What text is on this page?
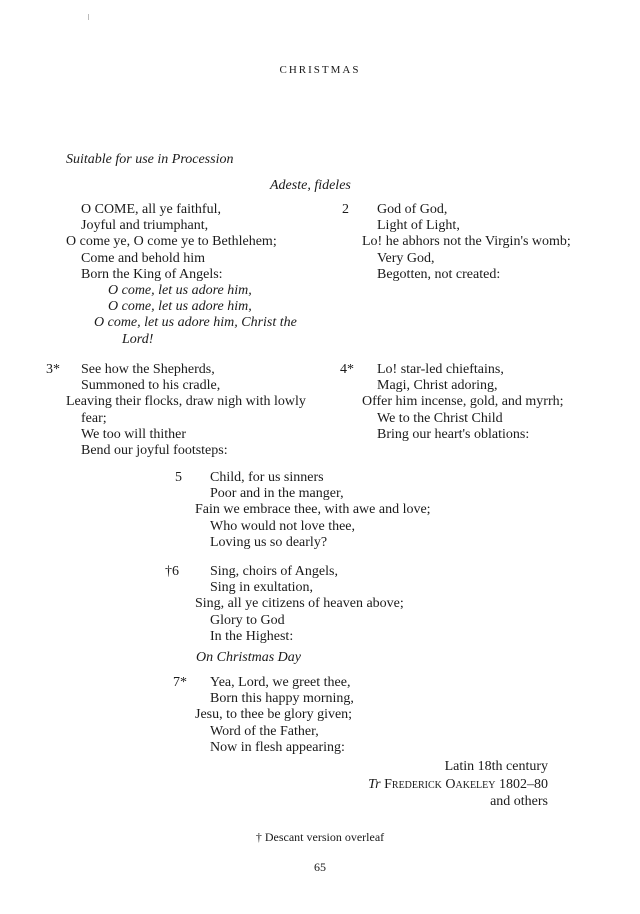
CHRISTMAS
Suitable for use in Procession
Adeste, fideles
O COME, all ye faithful,
Joyful and triumphant,
O come ye, O come ye to Bethlehem;
Come and behold him
Born the King of Angels:
O come, let us adore him,
O come, let us adore him,
O come, let us adore him, Christ the
Lord!
2	God of God,
Light of Light,
Lo! he abhors not the Virgin's womb;
Very God,
Begotten, not created:
3*	See how the Shepherds,
Summoned to his cradle,
Leaving their flocks, draw nigh with lowly
fear;
We too will thither
Bend our joyful footsteps:
4*	Lo! star-led chieftains,
Magi, Christ adoring,
Offer him incense, gold, and myrrh;
We to the Christ Child
Bring our heart's oblations:
5	Child, for us sinners
Poor and in the manger,
Fain we embrace thee, with awe and love;
Who would not love thee,
Loving us so dearly?
†6	Sing, choirs of Angels,
Sing in exultation,
Sing, all ye citizens of heaven above;
Glory to God
In the Highest:
On Christmas Day
7*	Yea, Lord, we greet thee,
Born this happy morning,
Jesu, to thee be glory given;
Word of the Father,
Now in flesh appearing:
Latin 18th century
Tr Frederick Oakeley 1802–80
and others
† Descant version overleaf
65
